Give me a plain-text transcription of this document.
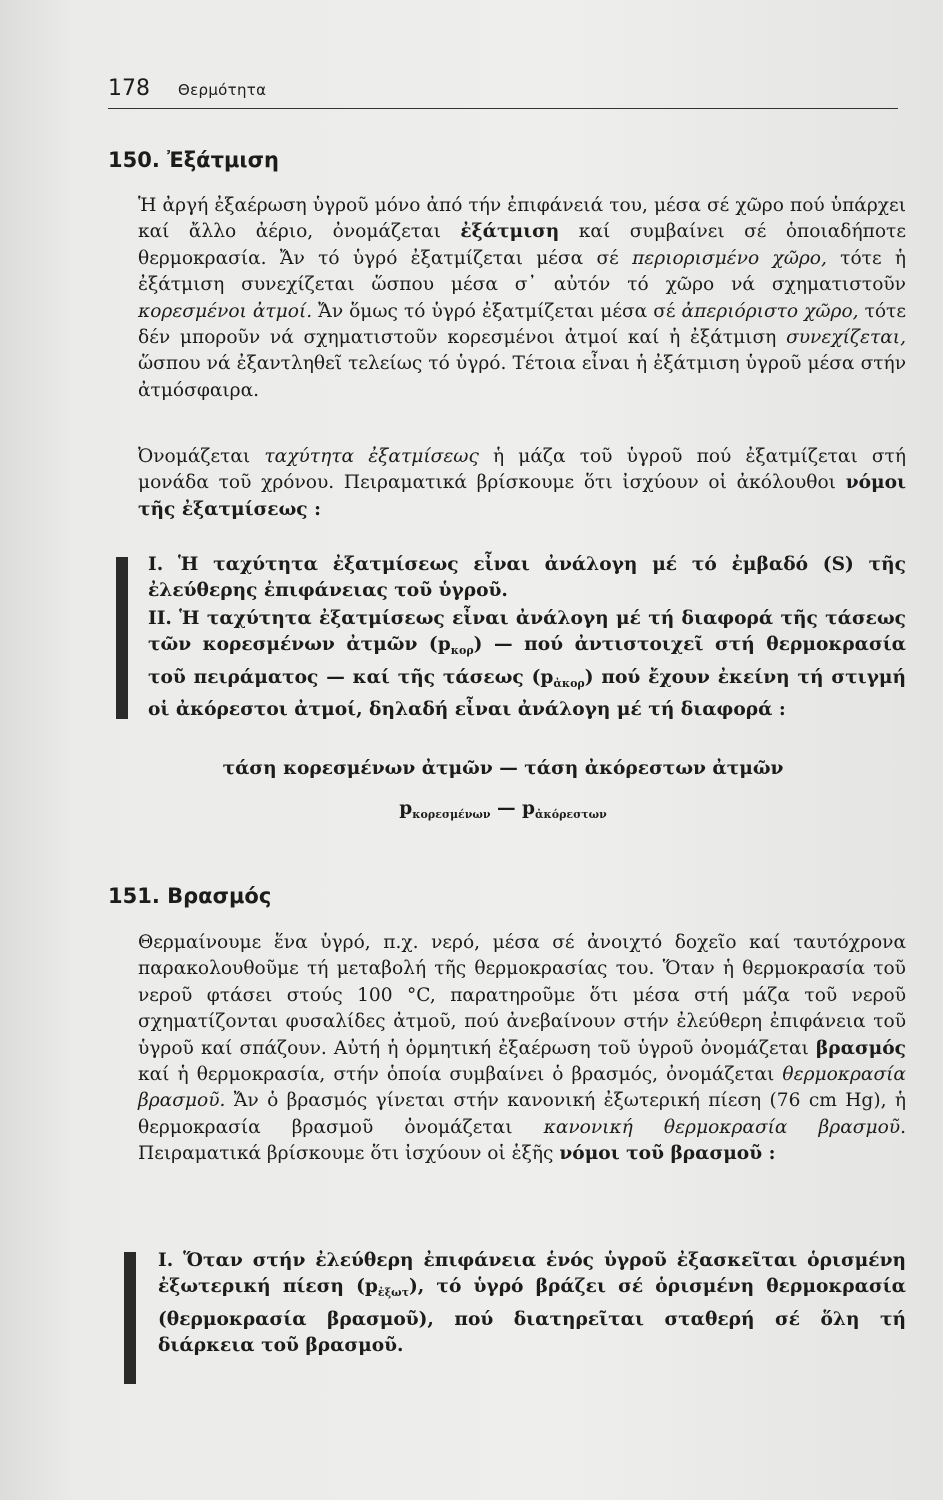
178 Θερμότητα
150. Ἐξάτμιση
Ἡ ἀργή ἐξαέρωση ὑγροῦ μόνο ἀπό τήν ἐπιφάνειά του, μέσα σέ χῶρο πού ὑπάρχει καί ἄλλο ἀέριο, ὀνομάζεται ἐξάτμιση καί συμβαίνει σέ ὁποιαδήποτε θερμοκρασία. Ἄν τό ὑγρό ἐξατμίζεται μέσα σέ περιορισμένο χῶρο, τότε ἡ ἐξάτμιση συνεχίζεται ὥσπου μέσα σ᾽ αὐτόν τό χῶρο νά σχηματιστοῦν κορεσμένοι ἀτμοί. Ἄν ὅμως τό ὑγρό ἐξατμίζεται μέσα σέ ἀπεριόριστο χῶρο, τότε δέν μποροῦν νά σχηματιστοῦν κορεσμένοι ἀτμοί καί ἡ ἐξάτμιση συνεχίζεται, ὥσπου νά ἐξαντληθεῖ τελείως τό ὑγρό. Τέτοια εἶναι ἡ ἐξάτμιση ὑγροῦ μέσα στήν ἀτμόσφαιρα.
Ὀνομάζεται ταχύτητα ἐξατμίσεως ἡ μάζα τοῦ ὑγροῦ πού ἐξατμίζεται στή μονάδα τοῦ χρόνου. Πειραματικά βρίσκουμε ὅτι ἰσχύουν οἱ ἀκόλουθοι νόμοι τῆς ἐξατμίσεως :
Ι. Ἡ ταχύτητα ἐξατμίσεως εἶναι ἀνάλογη μέ τό ἐμβαδό (S) τῆς ἐλεύθερης ἐπιφάνειας τοῦ ὑγροῦ.
ΙΙ. Ἡ ταχύτητα ἐξατμίσεως εἶναι ἀνάλογη μέ τή διαφορά τῆς τάσεως τῶν κορεσμένων ἀτμῶν $(p_{\kappa o\rho})$ — πού ἀντιστοιχεῖ στή θερμοκρασία τοῦ πειράματος — καί τῆς τάσεως $(p_{ἀ\kappa o\rho})$ πού ἔχουν ἐκείνη τή στιγμή οἱ ἀκόρεστοι ἀτμοί, δηλαδή εἶναι ἀνάλογη μέ τή διαφορά :
τάση κορεσμένων ἀτμῶν — τάση ἀκόρεστων ἀτμῶν
$p_{\kappa o\rho\varepsilon\sigma\mu έ\nu\omega\nu}$ — $p_{ἀ\kappa ό\rho\varepsilon\sigma\tau\omega\nu}$
151. Βρασμός
Θερμαίνουμε ἕνα ὑγρό, π.χ. νερό, μέσα σέ ἀνοιχτό δοχεῖο καί ταυτόχρονα παρακολουθοῦμε τή μεταβολή τῆς θερμοκρασίας του. Ὅταν ἡ θερμοκρασία τοῦ νεροῦ φτάσει στούς 100 °C, παρατηροῦμε ὅτι μέσα στή μάζα τοῦ νεροῦ σχηματίζονται φυσαλίδες ἀτμοῦ, πού ἀνεβαίνουν στήν ἐλεύθερη ἐπιφάνεια τοῦ ὑγροῦ καί σπάζουν. Αὐτή ἡ ὁρμητική ἐξαέρωση τοῦ ὑγροῦ ὀνομάζεται βρασμός καί ἡ θερμοκρασία, στήν ὁποία συμβαίνει ὁ βρασμός, ὀνομάζεται θερμοκρασία βρασμοῦ. Ἄν ὁ βρασμός γίνεται στήν κανονική ἐξωτερική πίεση (76 cm Hg), ἡ θερμοκρασία βρασμοῦ ὀνομάζεται κανονική θερμοκρασία βρασμοῦ. Πειραματικά βρίσκουμε ὅτι ἰσχύουν οἱ ἑξῆς νόμοι τοῦ βρασμοῦ :
Ι. Ὅταν στήν ἐλεύθερη ἐπιφάνεια ἑνός ὑγροῦ ἐξασκεῖται ὁρισμένη ἐξωτερική πίεση $(p_{ἐ\xi\omega\tau})$, τό ὑγρό βράζει σέ ὁρισμένη θερμοκρασία (θερμοκρασία βρασμοῦ), πού διατηρεῖται σταθερή σέ ὅλη τή διάρκεια τοῦ βρασμοῦ.
